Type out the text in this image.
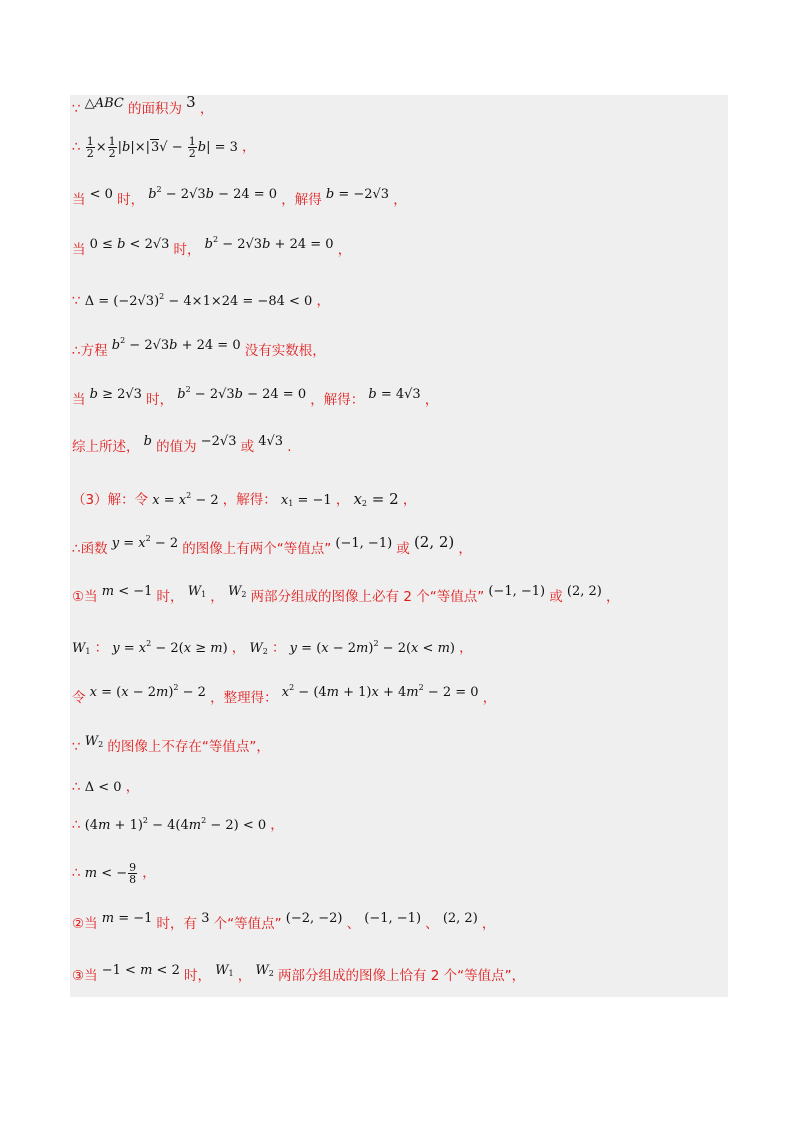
∵ △ABC 的面积为 3 ，
∴ $\frac{1}{2} \times \frac{1}{2} |b|\times|3√ - \frac{1}{2} b| = 3$ ，
当 < 0 时， $b^2 - 2√3b - 24 = 0$ ，解得 b = −2√3 ，
当 0 ≤ b < 2√3 时， $b^2 - 2√3b + 24 = 0$ ，
∵ $\Delta = (-2√3)^2 - 4\times 1\times 24 = -84 < 0$ ，
∴方程 $b^2 - 2√3b + 24 = 0$ 没有实数根，
当 b ≥ 2√3 时， $b^2 - 2√3b - 24 = 0$ ，解得： b = 4√3 ，
综上所述， b 的值为 −2√3 或 4√3 .
（3）解：令 $x = x^2 - 2$ ，解得： $x_1 = -1$ ， $x_2 = 2$ ，
∴函数 $y = x^2 - 2$ 的图像上有两个“等值点” (−1, −1) 或 (2, 2) ，
①当 m < −1 时， $W_1$ ， $W_2$ 两部分组成的图像上必有 2 个“等值点” (−1, −1) 或 (2, 2) ，
$W_1$ ： $y = x^2 - 2(x \ge m)$ ， $W_2$ ： $y = (x - 2m)^2 - 2(x < m)$ ，
令 $x = (x - 2m)^2 - 2$ ，整理得： $x^2 - (4m + 1)x + 4m^2 - 2 = 0$ ，
∵ $W_2$ 的图像上不存在“等值点”，
∴ Δ < 0 ，
∴ $(4m + 1)^2 - 4(4m^2 - 2) < 0$ ，
∴ m < − $\frac{9}{8}$ ，
②当 m = −1 时，有 3 个“等值点” (−2, −2) 、 (−1, −1) 、 (2, 2) ，
③当 −1 < m < 2 时， $W_1$ ， $W_2$ 两部分组成的图像上恰有 2 个“等值点”，
